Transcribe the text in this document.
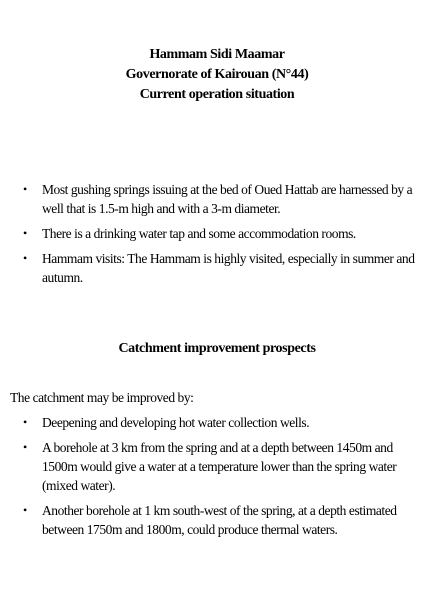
Hammam Sidi Maamar

Governorate of Kairouan (N°44)

Current operation situation

• Most gushing springs issuing at the bed of Oued Hattab are harnessed by a well that is 1.5-m high and with a 3-m diameter.
• There is a drinking water tap and some accommodation rooms.
• Hammam visits: The Hammam is highly visited, especially in summer and autumn.

Catchment improvement prospects

The catchment may be improved by:

• Deepening and developing hot water collection wells.
• A borehole at 3 km from the spring and at a depth between 1450m and 1500m would give a water at a temperature lower than the spring water (mixed water).
• Another borehole at 1 km south-west of the spring, at a depth estimated between 1750m and 1800m, could produce thermal waters.
